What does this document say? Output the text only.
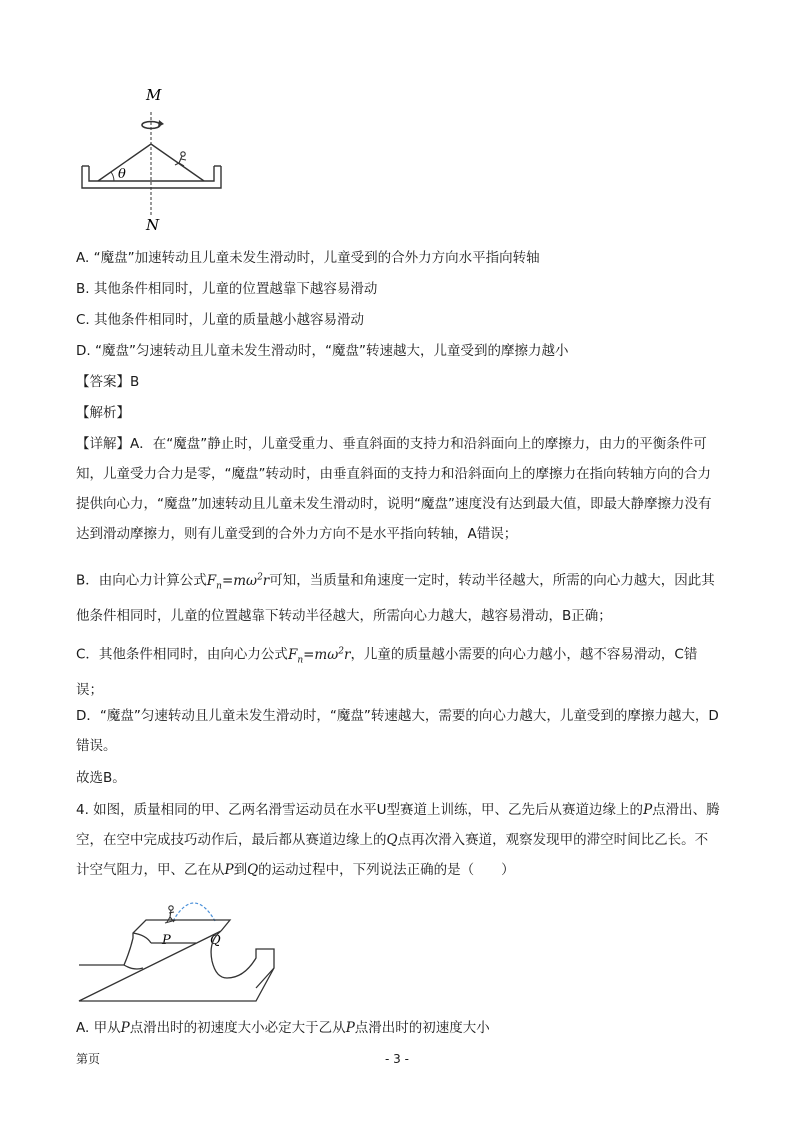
M
N
θ
A. “魔盘”加速转动且儿童未发生滑动时，儿童受到的合外力方向水平指向转轴
B. 其他条件相同时，儿童的位置越靠下越容易滑动
C. 其他条件相同时，儿童的质量越小越容易滑动
D. “魔盘”匀速转动且儿童未发生滑动时，“魔盘”转速越大，儿童受到的摩擦力越小
【答案】B
【解析】
【详解】A．在“魔盘”静止时，儿童受重力、垂直斜面的支持力和沿斜面向上的摩擦力，由力的平衡条件可知，儿童受力合力是零，“魔盘”转动时，由垂直斜面的支持力和沿斜面向上的摩擦力在指向转轴方向的合力提供向心力，“魔盘”加速转动且儿童未发生滑动时，说明“魔盘”速度没有达到最大值，即最大静摩擦力没有达到滑动摩擦力，则有儿童受到的合外力方向不是水平指向转轴，A错误；
B．由向心力计算公式$F_n=m\omega^2r$可知，当质量和角速度一定时，转动半径越大，所需的向心力越大，因此其他条件相同时，儿童的位置越靠下转动半径越大，所需向心力越大，越容易滑动，B正确；
C．其他条件相同时，由向心力公式$F_n=m\omega^2r$，儿童的质量越小需要的向心力越小，越不容易滑动，C错误；
D．“魔盘”匀速转动且儿童未发生滑动时，“魔盘”转速越大，需要的向心力越大，儿童受到的摩擦力越大，D错误。
故选B。
4. 如图，质量相同的甲、乙两名滑雪运动员在水平U型赛道上训练，甲、乙先后从赛道边缘上的P点滑出、腾空，在空中完成技巧动作后，最后都从赛道边缘上的Q点再次滑入赛道，观察发现甲的滞空时间比乙长。不计空气阻力，甲、乙在从P到Q的运动过程中，下列说法正确的是（　　）
P	Q
A. 甲从P点滑出时的初速度大小必定大于乙从P点滑出时的初速度大小
第页	- 3 -
